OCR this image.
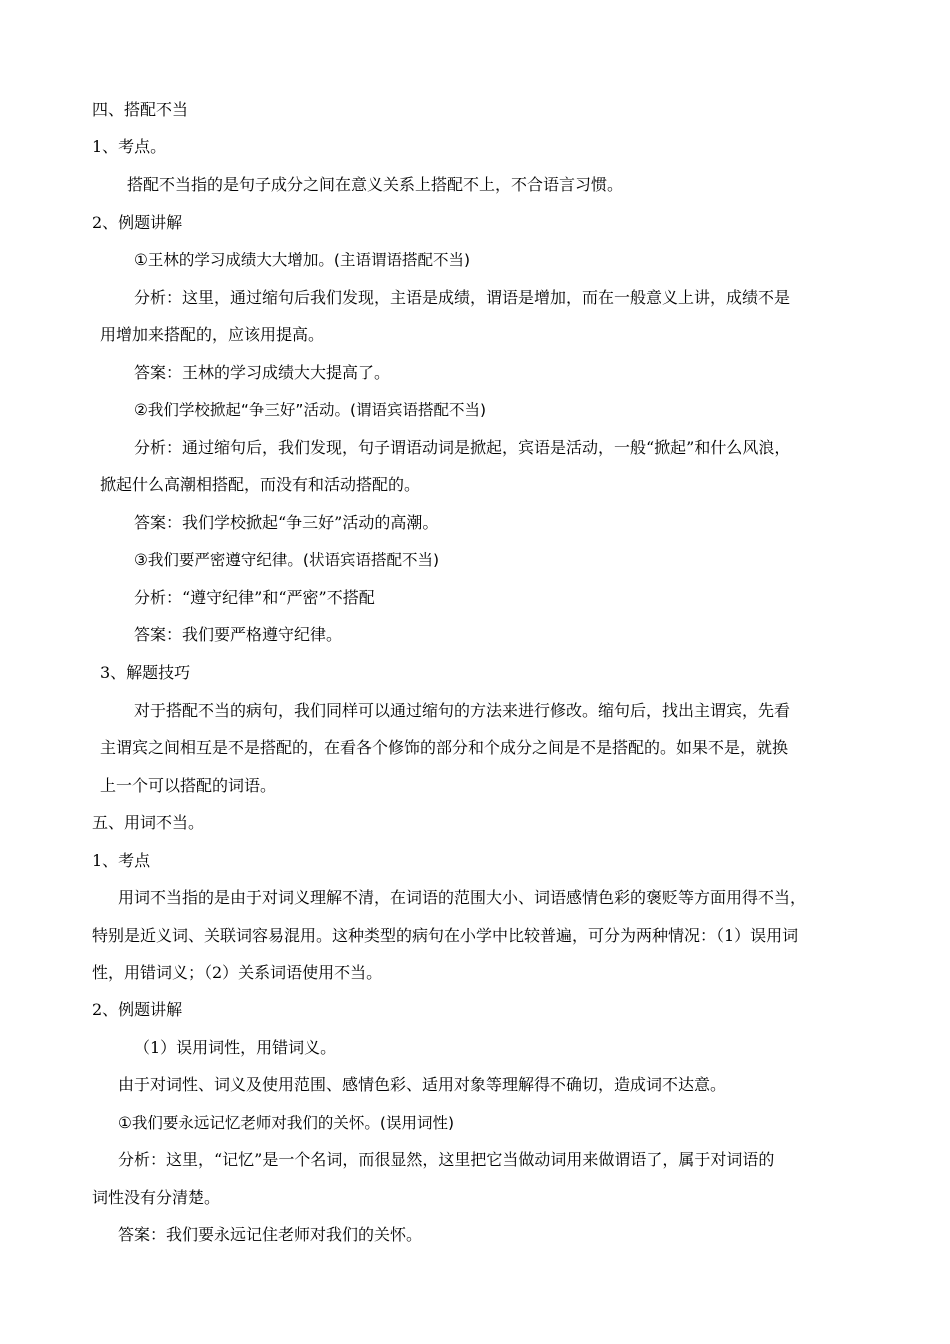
四、搭配不当
1、考点。
搭配不当指的是句子成分之间在意义关系上搭配不上，不合语言习惯。
2、例题讲解
①王林的学习成绩大大增加。(主语谓语搭配不当)
分析：这里，通过缩句后我们发现，主语是成绩，谓语是增加，而在一般意义上讲，成绩不是
用增加来搭配的，应该用提高。
答案：王林的学习成绩大大提高了。
②我们学校掀起“争三好”活动。(谓语宾语搭配不当)
分析：通过缩句后，我们发现，句子谓语动词是掀起，宾语是活动，一般“掀起”和什么风浪，
掀起什么高潮相搭配，而没有和活动搭配的。
答案：我们学校掀起“争三好”活动的高潮。
③我们要严密遵守纪律。(状语宾语搭配不当)
分析：“遵守纪律”和“严密”不搭配
答案：我们要严格遵守纪律。
3、解题技巧
对于搭配不当的病句，我们同样可以通过缩句的方法来进行修改。缩句后，找出主谓宾，先看
主谓宾之间相互是不是搭配的，在看各个修饰的部分和个成分之间是不是搭配的。如果不是，就换
上一个可以搭配的词语。
五、用词不当。
1、考点
用词不当指的是由于对词义理解不清，在词语的范围大小、词语感情色彩的褒贬等方面用得不当，
特别是近义词、关联词容易混用。这种类型的病句在小学中比较普遍，可分为两种情况：（1）误用词
性，用错词义；（2）关系词语使用不当。
2、例题讲解
（1）误用词性，用错词义。
由于对词性、词义及使用范围、感情色彩、适用对象等理解得不确切，造成词不达意。
①我们要永远记忆老师对我们的关怀。(误用词性)
分析：这里，“记忆”是一个名词，而很显然，这里把它当做动词用来做谓语了，属于对词语的
词性没有分清楚。
答案：我们要永远记住老师对我们的关怀。
